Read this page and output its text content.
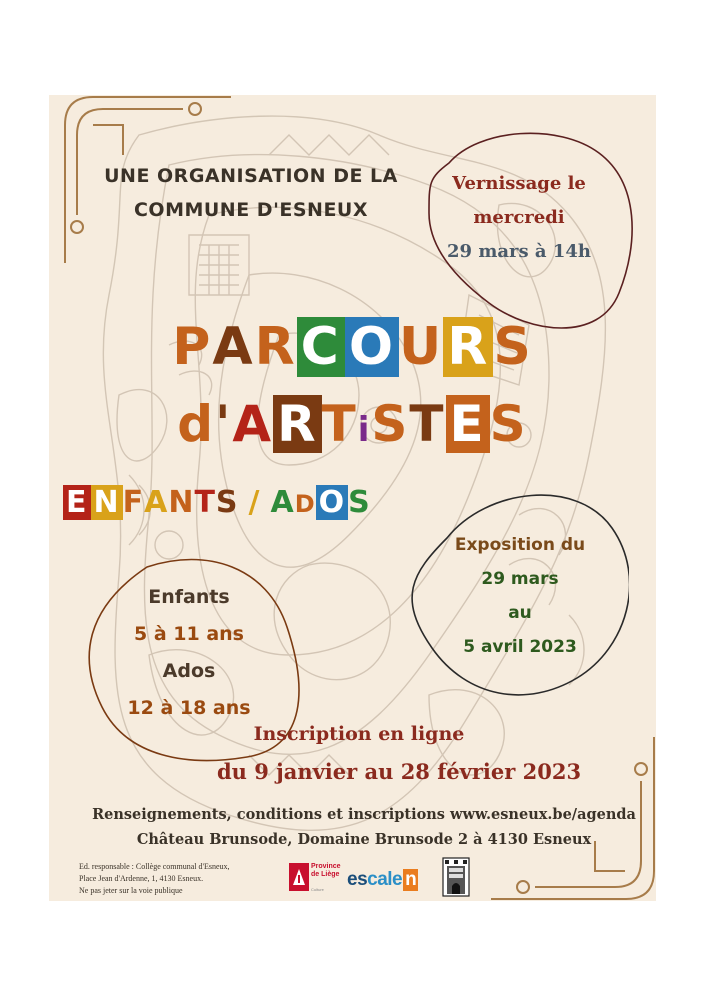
UNE ORGANISATION DE LA
COMMUNE D'ESNEUX
Vernissage le
mercredi
29 mars à 14h
PARC OURS
d'ARTiSTES
E N FANTS / AD O S
Exposition du
29 mars
au
5 avril 2023
Enfants
5 à 11 ans
Ados
12 à 18 ans
Inscription en ligne
du 9 janvier au 28 février 2023
Renseignements, conditions et inscriptions www.esneux.be/agenda
Château Brunsode, Domaine Brunsode 2 à 4130 Esneux
Ed. responsable : Collège communal d'Esneux,
Place Jean d'Ardenne, 1, 4130 Esneux.
Ne pas jeter sur la voie publique
Province
de Liège
Culture escale n
